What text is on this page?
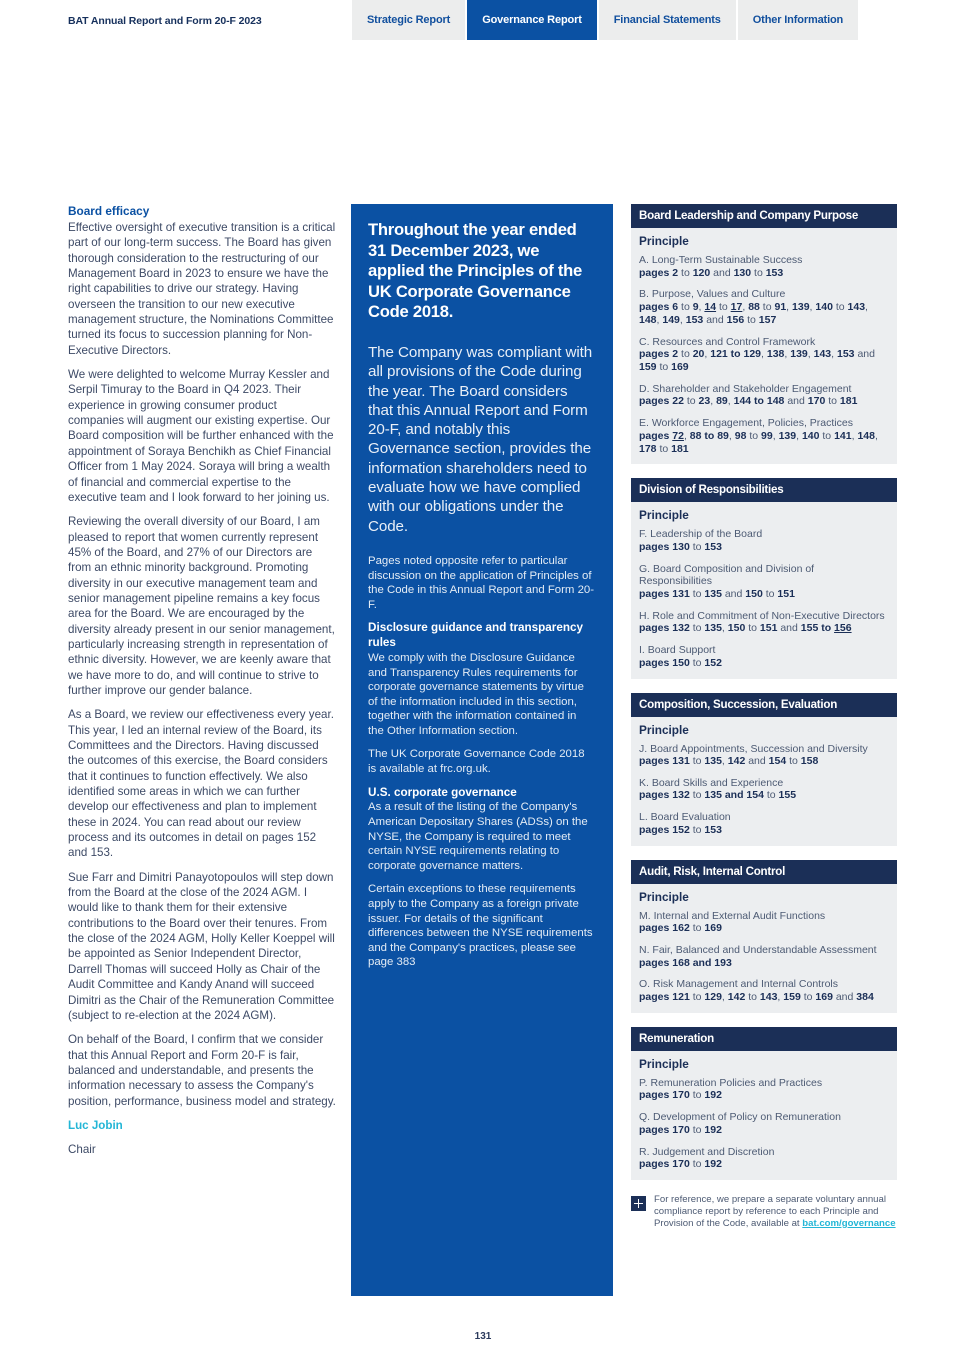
BAT Annual Report and Form 20-F 2023	Strategic Report	Governance Report	Financial Statements	Other Information
Board efficacy

Effective oversight of executive transition is a critical part of our long-term success. The Board has given thorough consideration to the restructuring of our Management Board in 2023 to ensure we have the right capabilities to drive our strategy. Having overseen the transition to our new executive management structure, the Nominations Committee turned its focus to succession planning for Non-Executive Directors.

We were delighted to welcome Murray Kessler and Serpil Timuray to the Board in Q4 2023. Their experience in growing consumer product companies will augment our existing expertise. Our Board composition will be further enhanced with the appointment of Soraya Benchikh as Chief Financial Officer from 1 May 2024. Soraya will bring a wealth of financial and commercial expertise to the executive team and I look forward to her joining us.

Reviewing the overall diversity of our Board, I am pleased to report that women currently represent 45% of the Board, and 27% of our Directors are from an ethnic minority background. Promoting diversity in our executive management team and senior management pipeline remains a key focus area for the Board. We are encouraged by the diversity already present in our senior management, particularly increasing strength in representation of ethnic diversity. However, we are keenly aware that we have more to do, and will continue to strive to further improve our gender balance.

As a Board, we review our effectiveness every year. This year, I led an internal review of the Board, its Committees and the Directors. Having discussed the outcomes of this exercise, the Board considers that it continues to function effectively. We also identified some areas in which we can further develop our effectiveness and plan to implement these in 2024. You can read about our review process and its outcomes in detail on pages 152 and 153.

Sue Farr and Dimitri Panayotopoulos will step down from the Board at the close of the 2024 AGM. I would like to thank them for their extensive contributions to the Board over their tenures. From the close of the 2024 AGM, Holly Keller Koeppel will be appointed as Senior Independent Director, Darrell Thomas will succeed Holly as Chair of the Audit Committee and Kandy Anand will succeed Dimitri as the Chair of the Remuneration Committee (subject to re-election at the 2024 AGM).

On behalf of the Board, I confirm that we consider that this Annual Report and Form 20-F is fair, balanced and understandable, and presents the information necessary to assess the Company's position, performance, business model and strategy.

Luc Jobin

Chair

Throughout the year ended 31 December 2023, we applied the Principles of the UK Corporate Governance Code 2018.

The Company was compliant with all provisions of the Code during the year. The Board considers that this Annual Report and Form 20-F, and notably this Governance section, provides the information shareholders need to evaluate how we have complied with our obligations under the Code.

Pages noted opposite refer to particular discussion on the application of Principles of the Code in this Annual Report and Form 20-F.

Disclosure guidance and transparency rules

We comply with the Disclosure Guidance and Transparency Rules requirements for corporate governance statements by virtue of the information included in this section, together with the information contained in the Other Information section.

The UK Corporate Governance Code 2018 is available at frc.org.uk.

U.S. corporate governance

As a result of the listing of the Company's American Depositary Shares (ADSs) on the NYSE, the Company is required to meet certain NYSE requirements relating to corporate governance matters.

Certain exceptions to these requirements apply to the Company as a foreign private issuer. For details of the significant differences between the NYSE requirements and the Company's practices, please see page 383

Board Leadership and Company Purpose
Principle
A. Long-Term Sustainable Success
pages 2 to 120 and 130 to 153
B. Purpose, Values and Culture
pages 6 to 9, 14 to 17, 88 to 91, 139, 140 to 143, 148, 149, 153 and 156 to 157
C. Resources and Control Framework
pages 2 to 20, 121 to 129, 138, 139, 143, 153 and 159 to 169
D. Shareholder and Stakeholder Engagement
pages 22 to 23, 89, 144 to 148 and 170 to 181
E. Workforce Engagement, Policies, Practices
pages 72, 88 to 89, 98 to 99, 139, 140 to 141, 148, 178 to 181
Division of Responsibilities
Principle
F. Leadership of the Board
pages 130 to 153
G. Board Composition and Division of Responsibilities
pages 131 to 135 and 150 to 151
H. Role and Commitment of Non-Executive Directors
pages 132 to 135, 150 to 151 and 155 to 156
I. Board Support
pages 150 to 152
Composition, Succession, Evaluation
Principle
J. Board Appointments, Succession and Diversity
pages 131 to 135, 142 and 154 to 158
K. Board Skills and Experience
pages 132 to 135 and 154 to 155
L. Board Evaluation
pages 152 to 153
Audit, Risk, Internal Control
Principle
M. Internal and External Audit Functions
pages 162 to 169
N. Fair, Balanced and Understandable Assessment
pages 168 and 193
O. Risk Management and Internal Controls
pages 121 to 129, 142 to 143, 159 to 169 and 384
Remuneration
Principle
P. Remuneration Policies and Practices
pages 170 to 192
Q. Development of Policy on Remuneration
pages 170 to 192
R. Judgement and Discretion
pages 170 to 192
For reference, we prepare a separate voluntary annual compliance report by reference to each Principle and Provision of the Code, available at bat.com/governance
131
